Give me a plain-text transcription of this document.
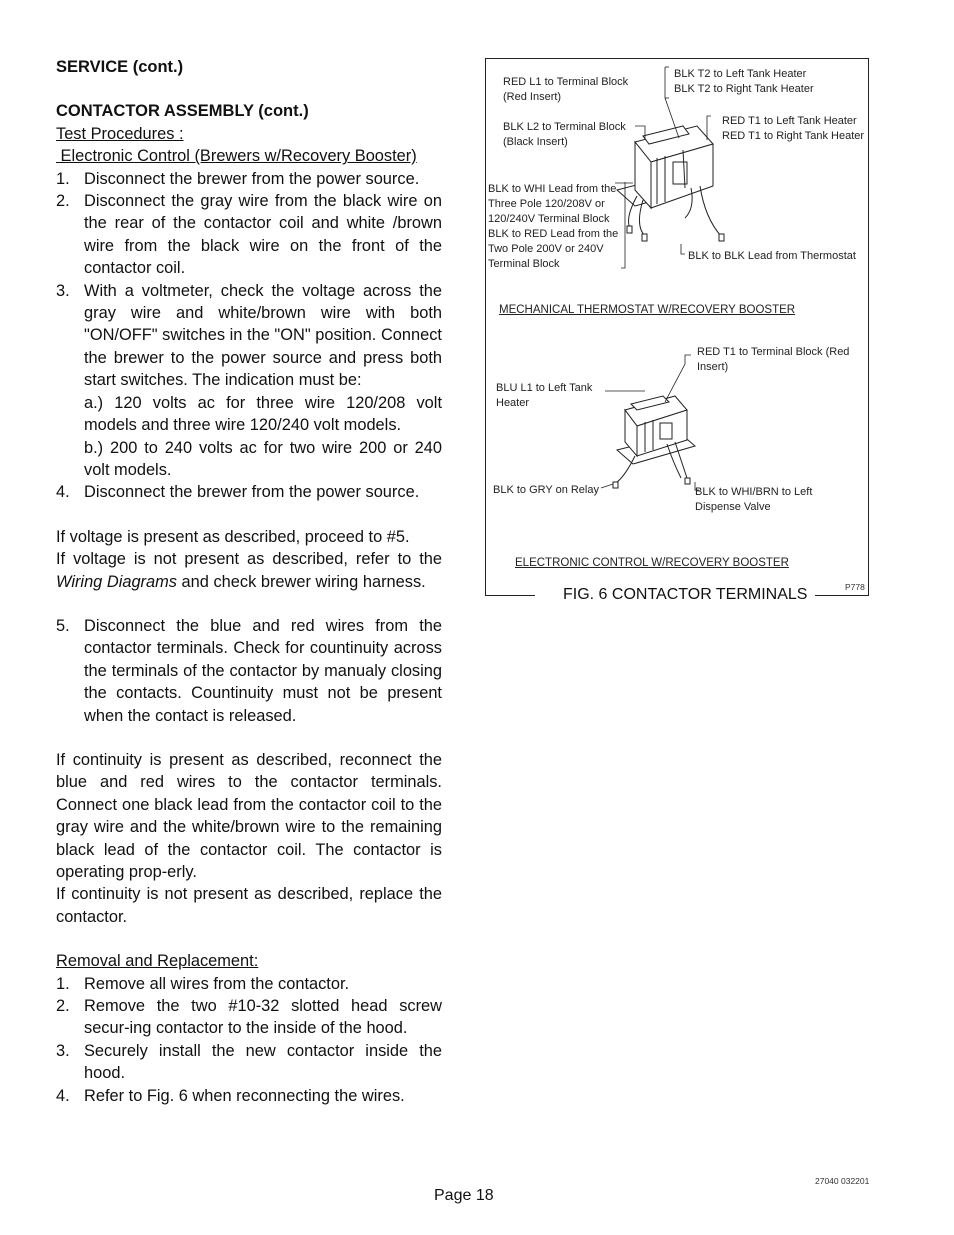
SERVICE (cont.)

CONTACTOR ASSEMBLY (cont.)

Test Procedures :

Electronic Control (Brewers w/Recovery Booster)

1. Disconnect the brewer from the power source.
2. Disconnect the gray wire from the black wire on the rear of the contactor coil and white /brown wire from the black wire on the front of the contactor coil.
3. With a voltmeter, check the voltage across the gray wire and white/brown wire with both "ON/OFF" switches in the "ON" position. Connect the brewer to the power source and press both start switches. The indication must be:

a.) 120 volts ac for three wire 120/208 volt models and three wire 120/240 volt models.

b.) 200 to 240 volts ac for two wire 200 or 240 volt models.

4. Disconnect the brewer from the power source.

If voltage is present as described, proceed to #5.

If voltage is not present as described, refer to the Wiring Diagrams and check brewer wiring harness.

5. Disconnect the blue and red wires from the contactor terminals. Check for countinuity across the terminals of the contactor by manualy closing the contacts. Countinuity must not be present when the contact is released.

If continuity is present as described, reconnect the blue and red wires to the contactor terminals. Connect one black lead from the contactor coil to the gray wire and the white/brown wire to the remaining black lead of the contactor coil. The contactor is operating prop-erly.

If continuity is not present as described, replace the contactor.

Removal and Replacement:

1. Remove all wires from the contactor.
2. Remove the two #10-32 slotted head screw secur-ing contactor to the inside of the hood.
3. Securely install the new contactor inside the hood.
4. Refer to Fig. 6 when reconnecting the wires.
RED L1 to Terminal Block
(Red Insert)
BLK T2 to Left Tank Heater
BLK T2 to Right Tank Heater
BLK L2 to Terminal Block
(Black Insert)
RED T1 to Left Tank Heater
RED T1 to Right Tank Heater
BLK to WHI Lead from the
Three Pole 120/208V or
120/240V Terminal Block
BLK to RED Lead from the
Two Pole 200V or 240V
Terminal Block
BLK to BLK Lead from Thermostat
MECHANICAL THERMOSTAT W/RECOVERY BOOSTER
RED T1 to Terminal Block (Red
Insert)
BLU L1 to Left Tank
Heater
BLK to GRY on Relay	BLK to WHI/BRN to Left
Dispense Valve
ELECTRONIC CONTROL W/RECOVERY BOOSTER
P778
FIG. 6 CONTACTOR TERMINALS
Page 18
27040 032201
